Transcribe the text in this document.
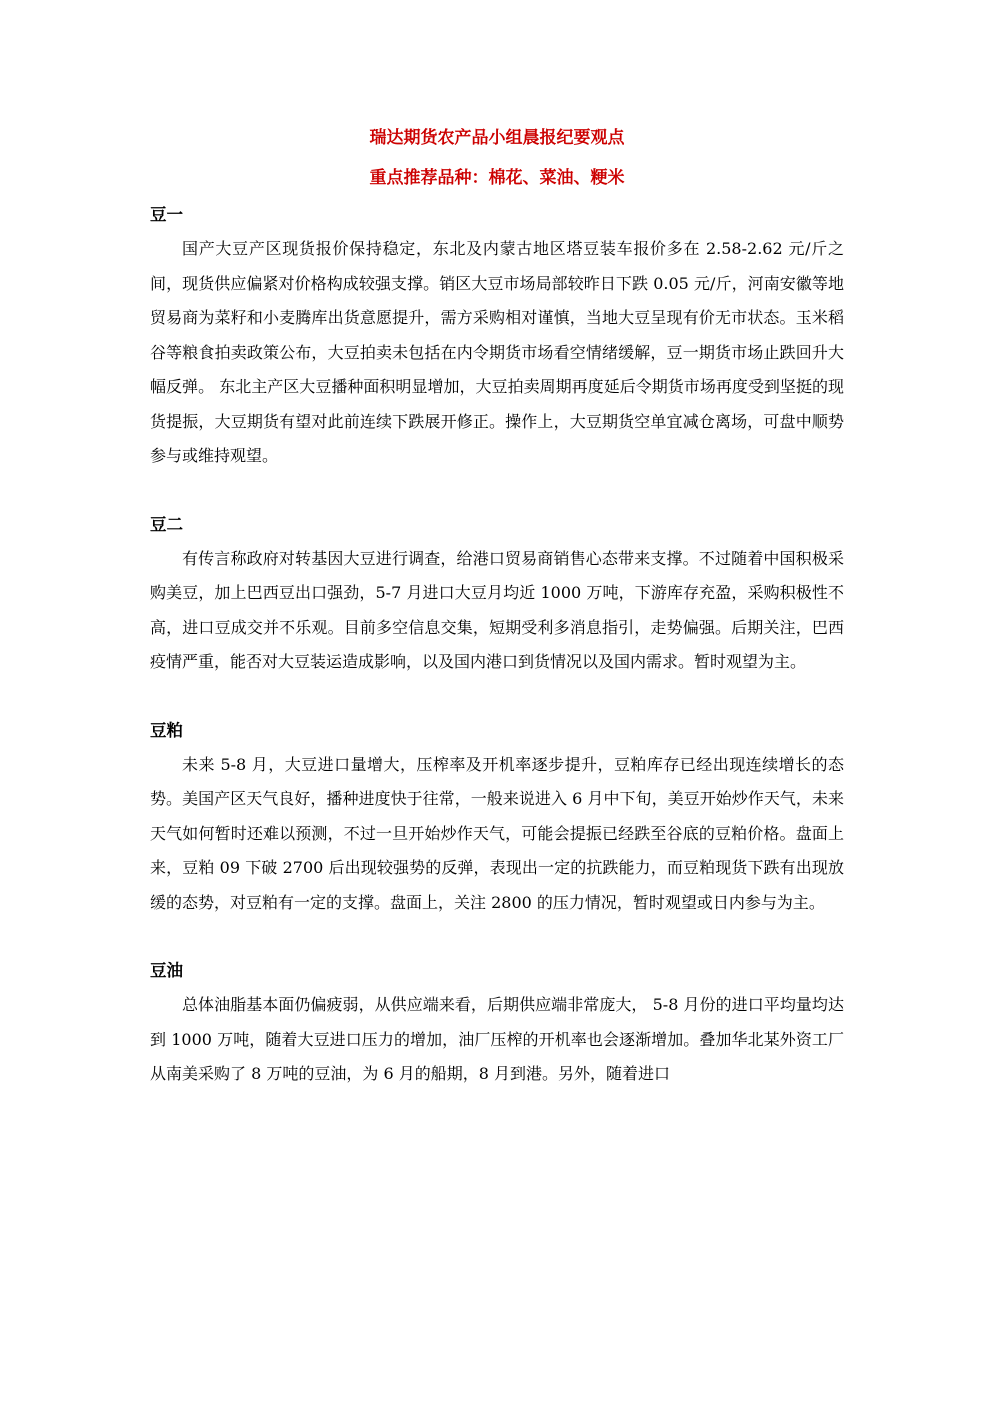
瑞达期货农产品小组晨报纪要观点

重点推荐品种：棉花、菜油、粳米

豆一

国产大豆产区现货报价保持稳定，东北及内蒙古地区塔豆装车报价多在 2.58-2.62 元/斤之间，现货供应偏紧对价格构成较强支撑。销区大豆市场局部较昨日下跌 0.05 元/斤，河南安徽等地贸易商为菜籽和小麦腾库出货意愿提升，需方采购相对谨慎，当地大豆呈现有价无市状态。玉米稻谷等粮食拍卖政策公布，大豆拍卖未包括在内令期货市场看空情绪缓解，豆一期货市场止跌回升大幅反弹。 东北主产区大豆播种面积明显增加，大豆拍卖周期再度延后令期货市场再度受到坚挺的现货提振，大豆期货有望对此前连续下跌展开修正。操作上，大豆期货空单宜减仓离场，可盘中顺势参与或维持观望。

豆二

有传言称政府对转基因大豆进行调查，给港口贸易商销售心态带来支撑。不过随着中国积极采购美豆，加上巴西豆出口强劲，5-7 月进口大豆月均近 1000 万吨，下游库存充盈，采购积极性不高，进口豆成交并不乐观。目前多空信息交集，短期受利多消息指引，走势偏强。后期关注，巴西疫情严重，能否对大豆装运造成影响，以及国内港口到货情况以及国内需求。暂时观望为主。

豆粕

未来 5-8 月，大豆进口量增大，压榨率及开机率逐步提升，豆粕库存已经出现连续增长的态势。美国产区天气良好，播种进度快于往常，一般来说进入 6 月中下旬，美豆开始炒作天气，未来天气如何暂时还难以预测，不过一旦开始炒作天气，可能会提振已经跌至谷底的豆粕价格。盘面上来，豆粕 09 下破 2700 后出现较强势的反弹，表现出一定的抗跌能力，而豆粕现货下跌有出现放缓的态势，对豆粕有一定的支撑。盘面上，关注 2800 的压力情况，暂时观望或日内参与为主。

豆油

总体油脂基本面仍偏疲弱，从供应端来看，后期供应端非常庞大， 5-8 月份的进口平均量均达到 1000 万吨，随着大豆进口压力的增加，油厂压榨的开机率也会逐渐增加。叠加华北某外资工厂从南美采购了 8 万吨的豆油，为 6 月的船期，8 月到港。另外，随着进口
